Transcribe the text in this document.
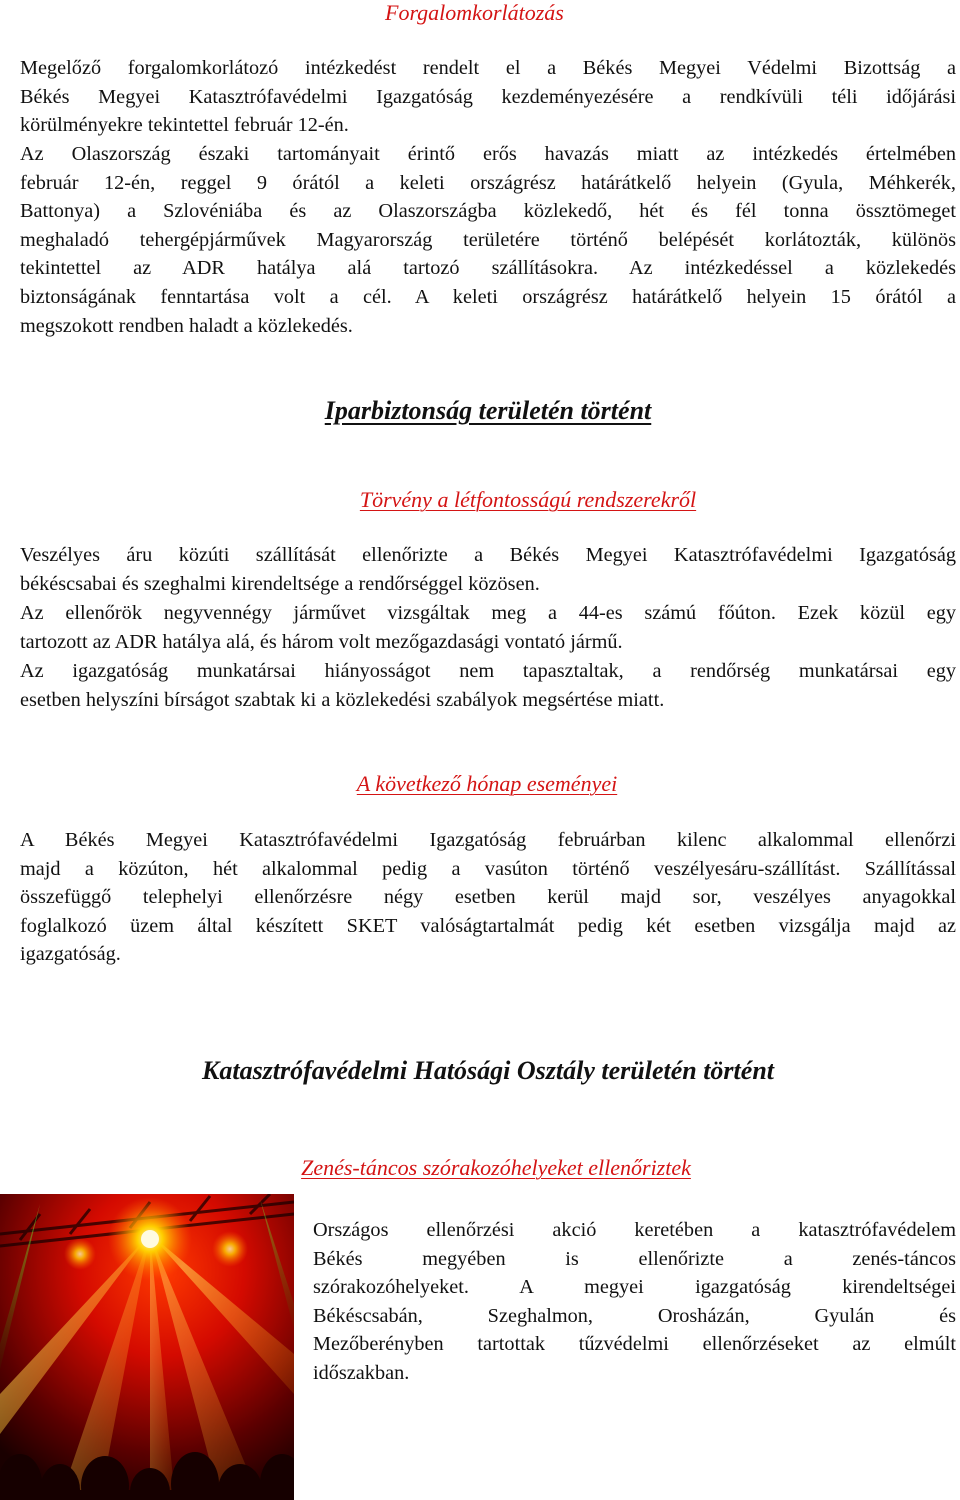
Forgalomkorlátozás

Megelőző forgalomkorlátozó intézkedést rendelt el a Békés Megyei Védelmi Bizottság a
Békés Megyei Katasztrófavédelmi Igazgatóság kezdeményezésére a rendkívüli téli időjárási
körülményekre tekintettel február 12-én.

Az Olaszország északi tartományait érintő erős havazás miatt az intézkedés értelmében
február 12-én, reggel 9 órától a keleti országrész határátkelő helyein (Gyula, Méhkerék,
Battonya) a Szlovéniába és az Olaszországba közlekedő, hét és fél tonna össztömeget
meghaladó tehergépjárművek Magyarország területére történő belépését korlátozták, különös
tekintettel az ADR hatálya alá tartozó szállításokra. Az intézkedéssel a közlekedés
biztonságának fenntartása volt a cél. A keleti országrész határátkelő helyein 15 órától a
megszokott rendben haladt a közlekedés.

Iparbiztonság területén történt

Törvény a létfontosságú rendszerekről

Veszélyes áru közúti szállítását ellenőrizte a Békés Megyei Katasztrófavédelmi Igazgatóság
békéscsabai és szeghalmi kirendeltsége a rendőrséggel közösen.

Az ellenőrök negyvennégy járművet vizsgáltak meg a 44-es számú főúton. Ezek közül egy
tartozott az ADR hatálya alá, és három volt mezőgazdasági vontató jármű.

Az igazgatóság munkatársai hiányosságot nem tapasztaltak, a rendőrség munkatársai egy
esetben helyszíni bírságot szabtak ki a közlekedési szabályok megsértése miatt.

A következő hónap eseményei

A Békés Megyei Katasztrófavédelmi Igazgatóság februárban kilenc alkalommal ellenőrzi
majd a közúton, hét alkalommal pedig a vasúton történő veszélyesáru-szállítást. Szállítással
összefüggő telephelyi ellenőrzésre négy esetben kerül majd sor, veszélyes anyagokkal
foglalkozó üzem által készített SKET valóságtartalmát pedig két esetben vizsgálja majd az
igazgatóság.

Katasztrófavédelmi Hatósági Osztály területén történt

Zenés-táncos szórakozóhelyeket ellenőriztek

Országos ellenőrzési akció keretében a katasztrófavédelem
Békés megyében is ellenőrizte a zenés-táncos
szórakozóhelyeket. A megyei igazgatóság kirendeltségei
Békéscsabán, Szeghalmon, Orosházán, Gyulán és
Mezőberényben tartottak tűzvédelmi ellenőrzéseket az elmúlt
időszakban.
